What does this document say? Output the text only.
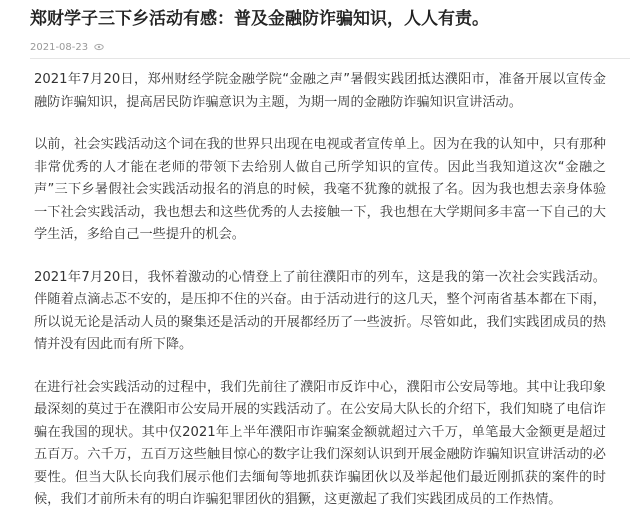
郑财学子三下乡活动有感：普及金融防诈骗知识，人人有责。
2021-08-23

2021年7月20日，郑州财经学院金融学院“金融之声”暑假实践团抵达濮阳市，准备开展以宣传金融防诈骗知识，提高居民防诈骗意识为主题，为期一周的金融防诈骗知识宣讲活动。

以前，社会实践活动这个词在我的世界只出现在电视或者宣传单上。因为在我的认知中，只有那种非常优秀的人才能在老师的带领下去给别人做自己所学知识的宣传。因此当我知道这次“金融之声”三下乡暑假社会实践活动报名的消息的时候，我毫不犹豫的就报了名。因为我也想去亲身体验一下社会实践活动，我也想去和这些优秀的人去接触一下，我也想在大学期间多丰富一下自己的大学生活，多给自己一些提升的机会。

2021年7月20日，我怀着激动的心情登上了前往濮阳市的列车，这是我的第一次社会实践活动。伴随着点滴忐忑不安的，是压抑不住的兴奋。由于活动进行的这几天，整个河南省基本都在下雨，所以说无论是活动人员的聚集还是活动的开展都经历了一些波折。尽管如此，我们实践团成员的热情并没有因此而有所下降。

在进行社会实践活动的过程中，我们先前往了濮阳市反诈中心，濮阳市公安局等地。其中让我印象最深刻的莫过于在濮阳市公安局开展的实践活动了。在公安局大队长的介绍下，我们知晓了电信诈骗在我国的现状。其中仅2021年上半年濮阳市诈骗案金额就超过六千万，单笔最大金额更是超过五百万。六千万，五百万这些触目惊心的数字让我们深刻认识到开展金融防诈骗知识宣讲活动的必要性。但当大队长向我们展示他们去缅甸等地抓获诈骗团伙以及举起他们最近刚抓获的案件的时候，我们才前所未有的明白诈骗犯罪团伙的猖獗，这更激起了我们实践团成员的工作热情。
